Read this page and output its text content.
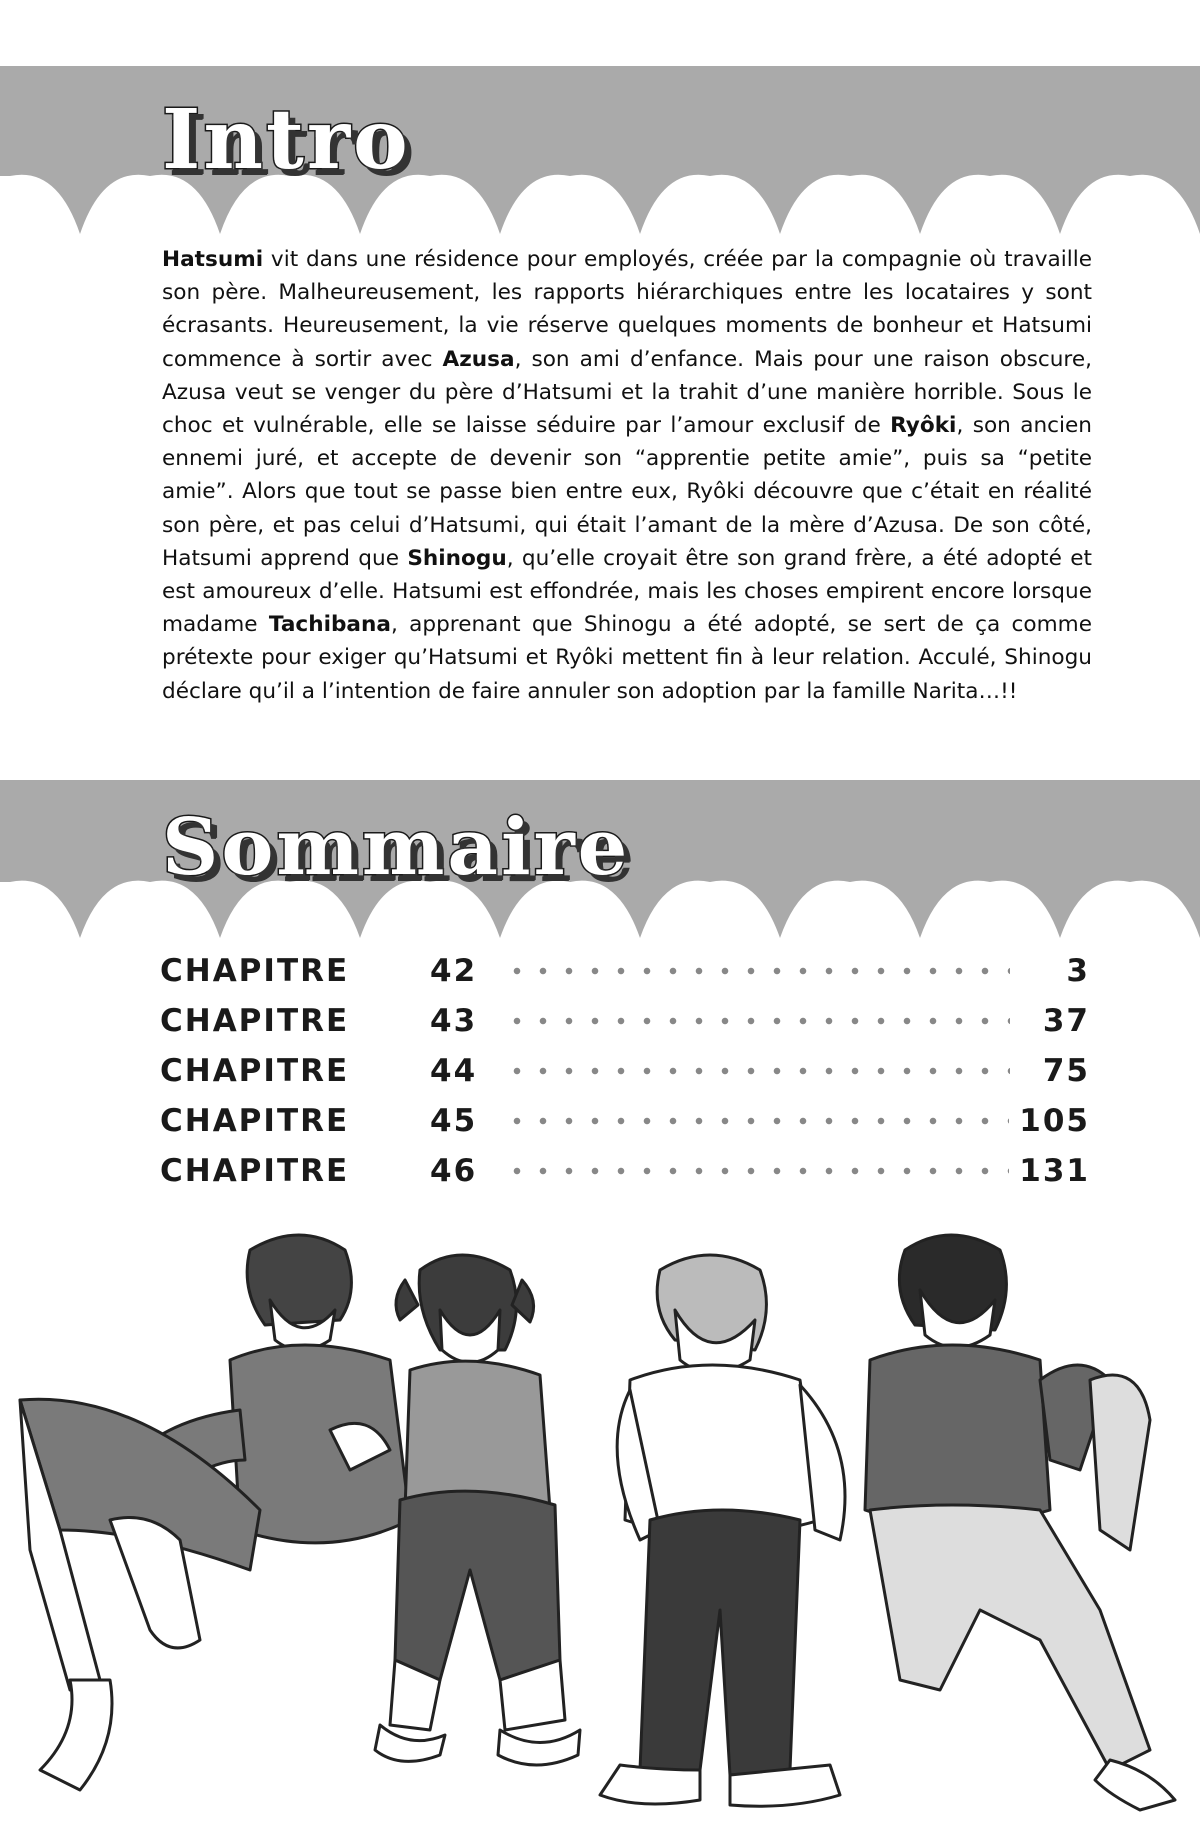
Intro

Hatsumi vit dans une résidence pour employés, créée par la compagnie où travaille son père. Malheureusement, les rapports hiérarchiques entre les locataires y sont écrasants. Heureusement, la vie réserve quelques moments de bonheur et Hatsumi commence à sortir avec Azusa, son ami d’enfance. Mais pour une raison obscure, Azusa veut se venger du père d’Hatsumi et la trahit d’une manière horrible. Sous le choc et vulnérable, elle se laisse séduire par l’amour exclusif de Ryôki, son ancien ennemi juré, et accepte de devenir son “apprentie petite amie”, puis sa “petite amie”. Alors que tout se passe bien entre eux, Ryôki découvre que c’était en réalité son père, et pas celui d’Hatsumi, qui était l’amant de la mère d’Azusa. De son côté, Hatsumi apprend que Shinogu, qu’elle croyait être son grand frère, a été adopté et est amoureux d’elle. Hatsumi est effondrée, mais les choses empirent encore lorsque madame Tachibana, apprenant que Shinogu a été adopté, se sert de ça comme prétexte pour exiger qu’Hatsumi et Ryôki mettent fin à leur relation. Acculé, Shinogu déclare qu’il a l’intention de faire annuler son adoption par la famille Narita…!!

Sommaire
CHAPITRE	42	3
CHAPITRE	43	37
CHAPITRE	44	75
CHAPITRE	45	105
CHAPITRE	46	131
